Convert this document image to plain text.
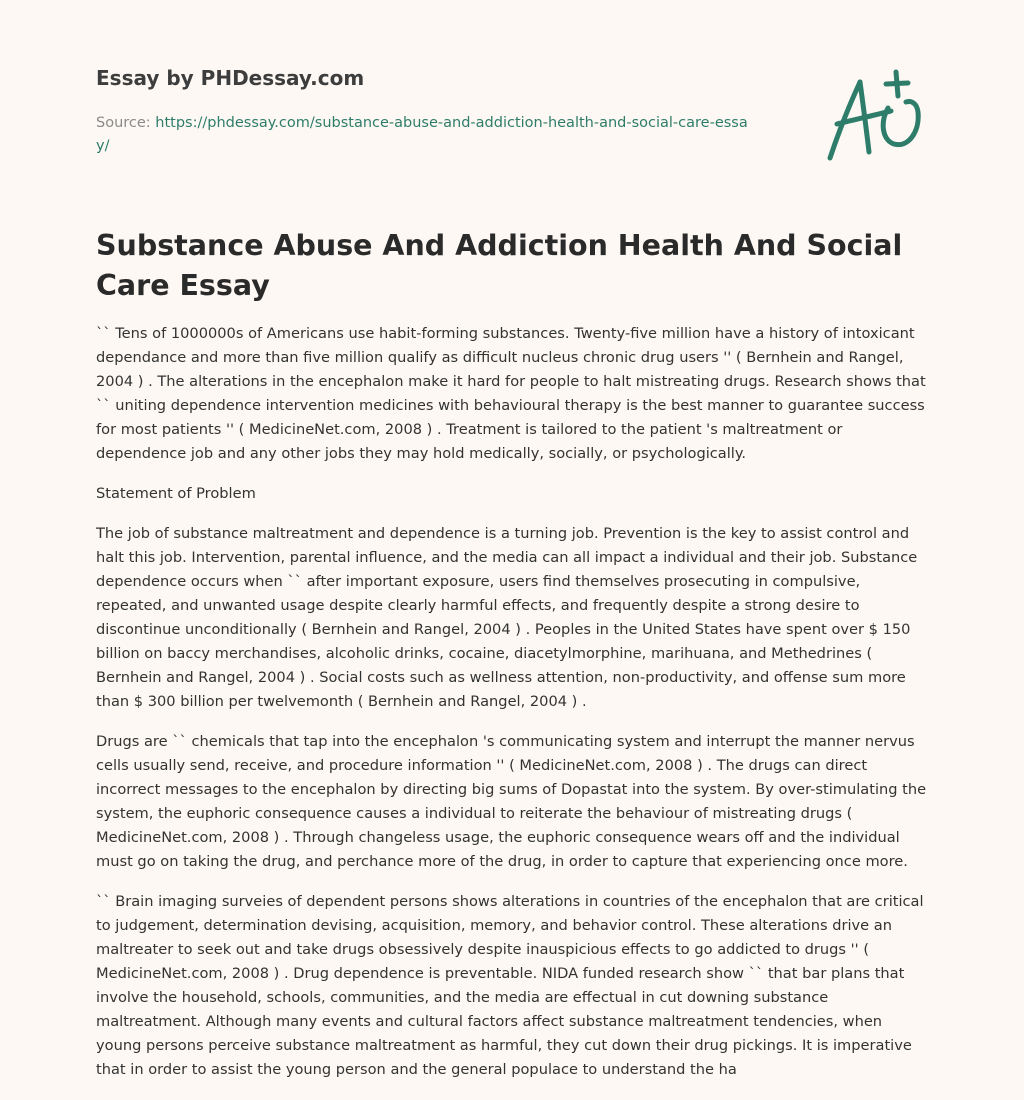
Essay by PHDessay.com
Source: https://phdessay.com/substance-abuse-and-addiction-health-and-social-care-essay/
Substance Abuse And Addiction Health And Social Care Essay

`` Tens of 1000000s of Americans use habit-forming substances. Twenty-five million have a history of intoxicant dependance and more than five million qualify as difficult nucleus chronic drug users '' ( Bernhein and Rangel, 2004 ) . The alterations in the encephalon make it hard for people to halt mistreating drugs. Research shows that `` uniting dependence intervention medicines with behavioural therapy is the best manner to guarantee success for most patients '' ( MedicineNet.com, 2008 ) . Treatment is tailored to the patient 's maltreatment or dependence job and any other jobs they may hold medically, socially, or psychologically.

Statement of Problem

The job of substance maltreatment and dependence is a turning job. Prevention is the key to assist control and halt this job. Intervention, parental influence, and the media can all impact a individual and their job. Substance dependence occurs when `` after important exposure, users find themselves prosecuting in compulsive, repeated, and unwanted usage despite clearly harmful effects, and frequently despite a strong desire to discontinue unconditionally ( Bernhein and Rangel, 2004 ) . Peoples in the United States have spent over $ 150 billion on baccy merchandises, alcoholic drinks, cocaine, diacetylmorphine, marihuana, and Methedrines ( Bernhein and Rangel, 2004 ) . Social costs such as wellness attention, non-productivity, and offense sum more than $ 300 billion per twelvemonth ( Bernhein and Rangel, 2004 ) .

Drugs are `` chemicals that tap into the encephalon 's communicating system and interrupt the manner nervus cells usually send, receive, and procedure information '' ( MedicineNet.com, 2008 ) . The drugs can direct incorrect messages to the encephalon by directing big sums of Dopastat into the system. By over-stimulating the system, the euphoric consequence causes a individual to reiterate the behaviour of mistreating drugs ( MedicineNet.com, 2008 ) . Through changeless usage, the euphoric consequence wears off and the individual must go on taking the drug, and perchance more of the drug, in order to capture that experiencing once more.

`` Brain imaging surveies of dependent persons shows alterations in countries of the encephalon that are critical to judgement, determination devising, acquisition, memory, and behavior control. These alterations drive an maltreater to seek out and take drugs obsessively despite inauspicious effects to go addicted to drugs '' ( MedicineNet.com, 2008 ) . Drug dependence is preventable. NIDA funded research show `` that bar plans that involve the household, schools, communities, and the media are effectual in cut downing substance maltreatment. Although many events and cultural factors affect substance maltreatment tendencies, when young persons perceive substance maltreatment as harmful, they cut down their drug pickings. It is imperative that in order to assist the young person and the general populace to understand the ha
